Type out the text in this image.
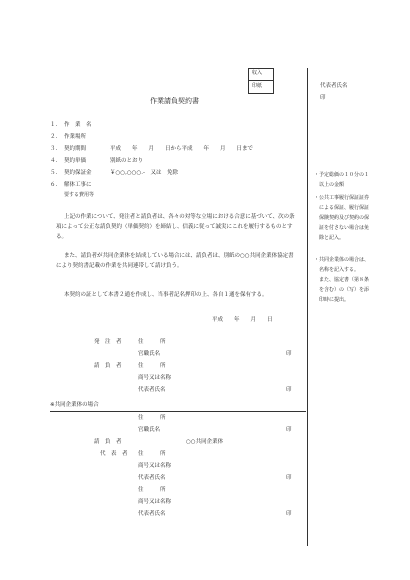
収入
印紙
作業請負契約書
１． 作　業　名
２． 作業場所
３． 契約期間	平成　　年　　月　　日から平成　　年　　月　　日まで
４． 契約単価	別紙のとおり
５． 契約保証金	￥○○,○○○.-　又は　免除
６． 解体工事に
要する費用等
上記の作業について、発注者と請負者は、各々の対等な立場における合意に基づいて、次の条項によって公正な請負契約（単価契約）を締結し、信義に従って誠実にこれを履行するものとする。
また、請負者が共同企業体を結成している場合には、請負者は、別紙の○○共同企業体協定書により契約書記載の作業を共同連帯して請け負う。
本契約の証として本書２通を作成し、当事者記名押印の上、各自１通を保有する。
平成　　年　　月　　日
発　注　者	住　　　所
官職氏名	印
請　負　者	住　　　所
商号又は名称
代表者氏名	印
※共同企業体の場合
住　　　所
官職氏名	印
請　負　者	○○共同企業体
代　表　者 住　　　所
商号又は名称
代表者氏名	印
住　　　所
商号又は名称
代表者氏名	印
代表者氏名
印
・予定総価の１０分の１
　以上の金額
・公共工事履行保証証券
　による保証、履行保証
　保険契約及び契約の保
　証を付さない場合は免
　除と記入。
・共同企業体の場合は、
　名称を記入する。
　また、協定書（第８条
　を含む）の（写）を添
　印時に提出。
